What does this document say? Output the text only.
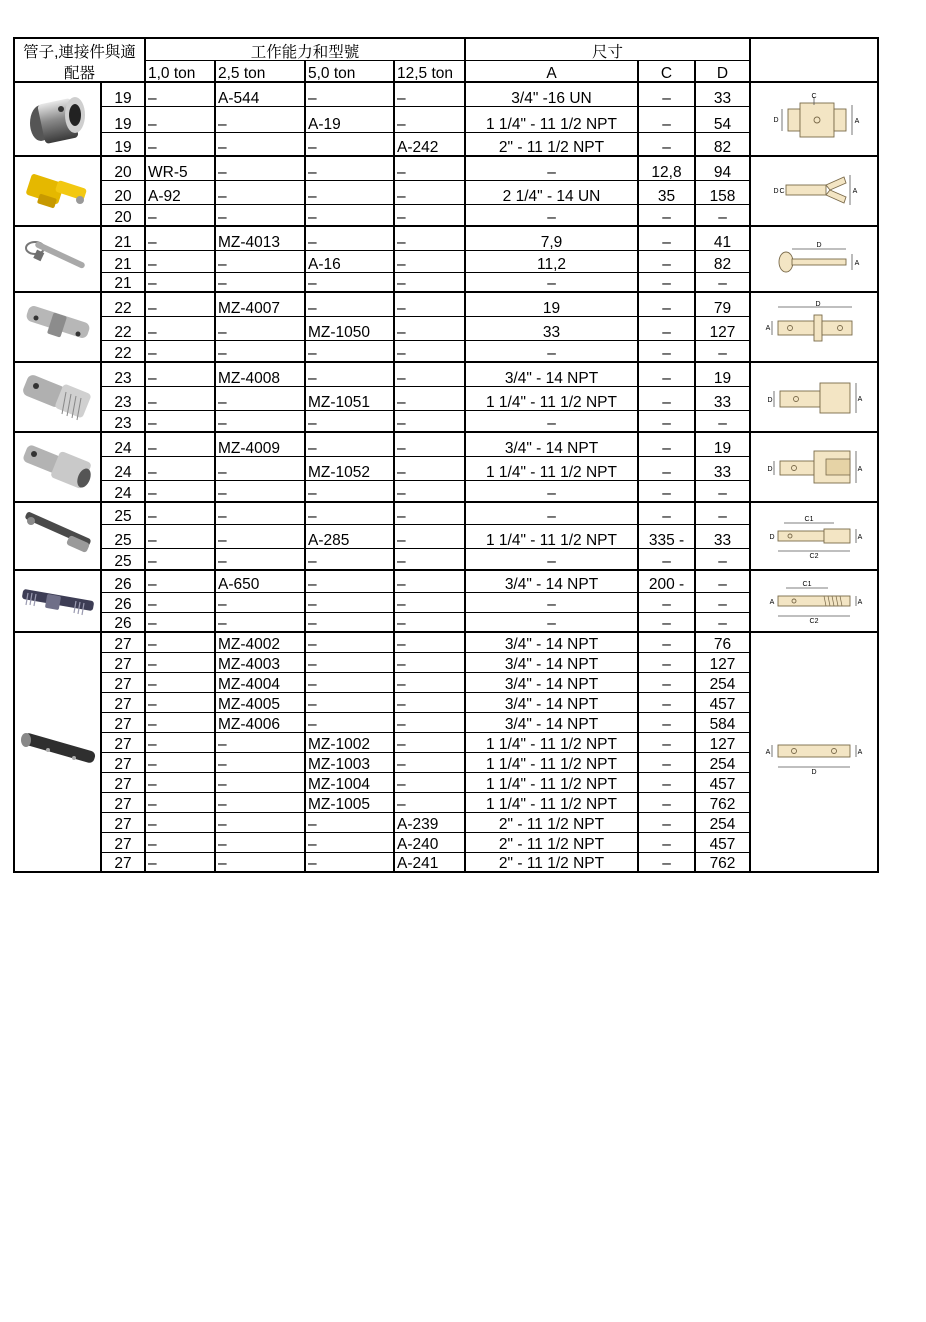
管子,連接件與適		工作能力和型號				尺寸			
配器		1,0 ton	2,5 ton	5,0 ton	12,5 ton	A	C	D	

	19	–	A-544	–	–	3/4" -16 UN	–	33	C
A
D

	19	–	–	A-19	–	1 1/4" - 11 1/2 NPT	–	54	
	19	–	–	–	A-242	2" - 11 1/2 NPT	–	82	

	20	WR-5	–	–	–	–	12,8	94	A
D C

	20	A-92	–	–	–	2 1/4" - 14 UN	35	158	
	20	–	–	–	–	–	–	–	

	21	–	MZ-4013	–	–	7,9	–	41	D
A

	21	–	–	A-16	–	11,2	–	82	
	21	–	–	–	–	–	–	–	

	22	–	MZ-4007	–	–	19	–	79	D
A

	22	–	–	MZ-1050	–	33	–	127	
	22	–	–	–	–	–	–	–	

	23	–	MZ-4008	–	–	3/4" - 14 NPT	–	19	D A

	23	–	–	MZ-1051	–	1 1/4" - 11 1/2 NPT	–	33	
	23	–	–	–	–	–	–	–	

	24	–	MZ-4009	–	–	3/4" - 14 NPT	–	19	D A

	24	–	–	MZ-1052	–	1 1/4" - 11 1/2 NPT	–	33	
	24	–	–	–	–	–	–	–	

	25	–	–	–	–	–	–	–	C1
C2
A
D

	25	–	–	A-285	–	1 1/4" - 11 1/2 NPT	335 -	33	
	25	–	–	–	–	–	–	–	

	26	–	A-650	–	–	3/4" - 14 NPT	200 -	–	C1
C2
A A

	26	–	–	–	–	–	–	–	
	26	–	–	–	–	–	–	–	

	27	–	MZ-4002	–	–	3/4" - 14 NPT	–	76	D
A A

	27	–	MZ-4003	–	–	3/4" - 14 NPT	–	127	
	27	–	MZ-4004	–	–	3/4" - 14 NPT	–	254	
	27	–	MZ-4005	–	–	3/4" - 14 NPT	–	457	
	27	–	MZ-4006	–	–	3/4" - 14 NPT	–	584	
	27	–	–	MZ-1002	–	1 1/4" - 11 1/2 NPT	–	127	
	27	–	–	MZ-1003	–	1 1/4" - 11 1/2 NPT	–	254	
	27	–	–	MZ-1004	–	1 1/4" - 11 1/2 NPT	–	457	
	27	–	–	MZ-1005	–	1 1/4" - 11 1/2 NPT	–	762	
	27	–	–	–	A-239	2" - 11 1/2 NPT	–	254	
	27	–	–	–	A-240	2" - 11 1/2 NPT	–	457	
	27	–	–	–	A-241	2" - 11 1/2 NPT	–	762	
